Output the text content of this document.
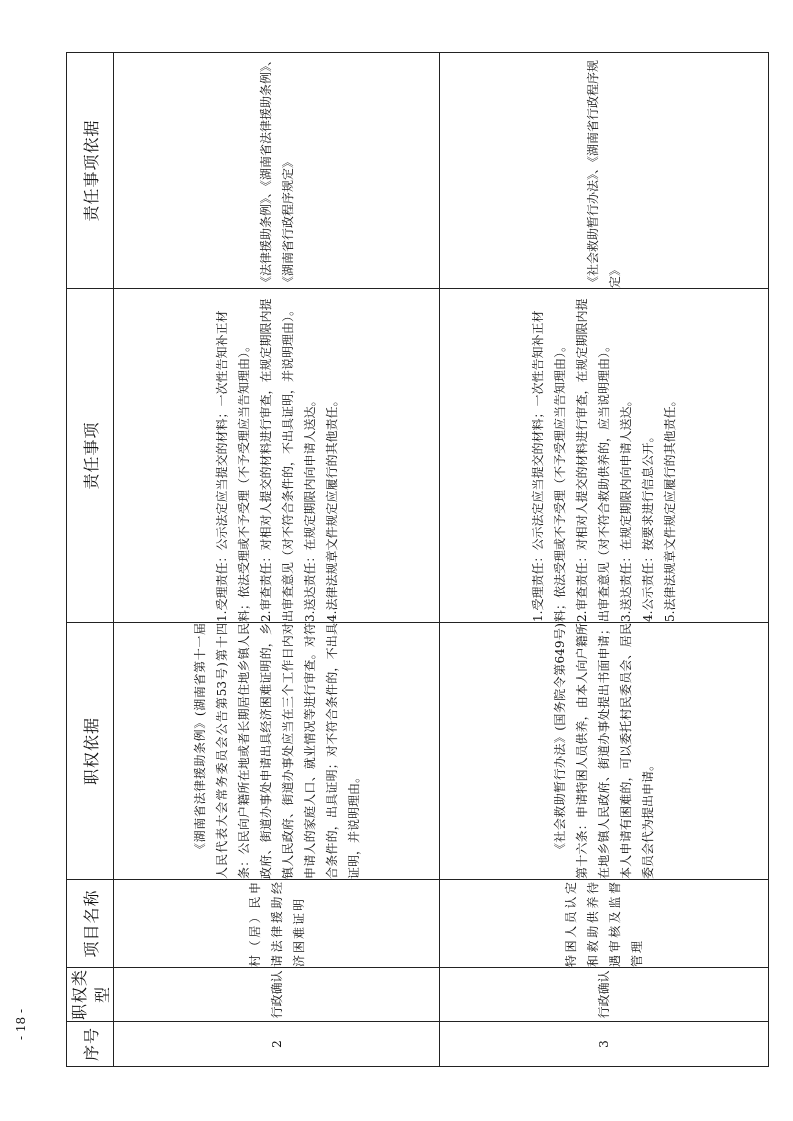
序号	职权类型	项目名称	职权依据	责任事项	责任事项依据
2	行政确认	村（居）民申请法律援助经济困难证明	《湖南省法律援助条例》(湖南省第十一届人民代表大会常务委员会公告第53号)第十四条：公民向户籍所在地或者长期居住地乡镇人民政府、街道办事处申请出具经济困难证明的，乡镇人民政府、街道办事处应当在三个工作日内对申请人的家庭人口、就业情况等进行审查。对符合条件的，出具证明；对不符合条件的，不出具证明，并说明理由。	1.受理责任：公示法定应当提交的材料；一次性告知补正材料；依法受理或不予受理（不予受理应当告知理由）。 2.审查责任：对相对人提交的材料进行审查，在规定期限内提出审查意见（对不符合条件的，不出具证明，并说明理由）。 3.送达责任：在规定期限内向申请人送达。 4.法律法规章文件规定应履行的其他责任。	《法律援助条例》、《湖南省法律援助条例》、《湖南省行政程序规定》

3	行政确认	特困人员认定和救助供养待遇审核及监督管理	《社会救助暂行办法》(国务院令第649号)第十六条：申请特困人员供养，由本人向户籍所在地乡镇人民政府、街道办事处提出书面申请；本人申请有困难的，可以委托村民委员会、居民委员会代为提出申请。	1.受理责任：公示法定应当提交的材料；一次性告知补正材料；依法受理或不予受理（不予受理应当告知理由）。 2.审查责任：对相对人提交的材料进行审查，在规定期限内提出审查意见（对不符合救助供养的，应当说明理由）。 3.送达责任：在规定期限内向申请人送达。 4.公示责任：按要求进行信息公开。 5.法律法规章文件规定应履行的其他责任。	《社会救助暂行办法》、《湖南省行政程序规定》

- 18 -
